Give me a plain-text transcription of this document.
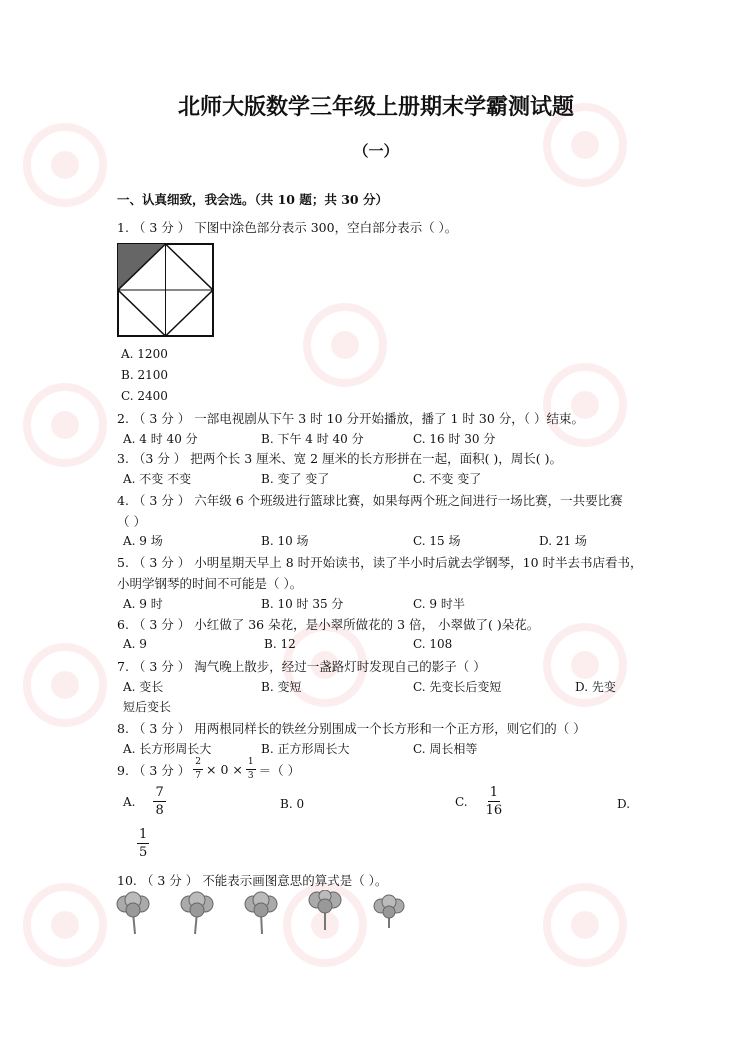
北师大版数学三年级上册期末学霸测试题
（一）
一、认真细致，我会选。（共 10 题；共 30 分）
1. （ 3 分 ） 下图中涂色部分表示 300，空白部分表示（ ）。
A. 1200
B. 2100
C. 2400
2. （ 3 分 ） 一部电视剧从下午 3 时 10 分开始播放，播了 1 时 30 分，（ ）结束。
A. 4 时 40 分	B. 下午 4 时 40 分	C. 16 时 30 分
3. （3 分 ） 把两个长 3 厘米、宽 2 厘米的长方形拼在一起，面积( )，周长( )。
A. 不变 不变	B. 变了 变了	C. 不变 变了
4. （ 3 分 ） 六年级 6 个班级进行篮球比赛，如果每两个班之间进行一场比赛，一共要比赛
（ ）
A. 9 场	B. 10 场	C. 15 场	D. 21 场
5. （ 3 分 ） 小明星期天早上 8 时开始读书，读了半小时后就去学钢琴，10 时半去书店看书，
小明学钢琴的时间不可能是（ ）。
A. 9 时	B. 10 时 35 分	C. 9 时半
6. （ 3 分 ） 小红做了 36 朵花，是小翠所做花的 3 倍， 小翠做了( )朵花。
A. 9	B. 12	C. 108
7. （ 3 分 ） 淘气晚上散步，经过一盏路灯时发现自己的影子（ ）
A. 变长	B. 变短	C. 先变长后变短	D. 先变
短后变长
8. （ 3 分 ） 用两根同样长的铁丝分别围成一个长方形和一个正方形，则它们的（ ）
A. 长方形周长大	B. 正方形周长大	C. 周长相等
9. （ 3 分 ） $\frac{2}{7} \times 0 \times \frac{1}{3}$ ＝（ ）
A. $\frac{7}{8}$	B. 0	C. $\frac{1}{16}$	D.
$\frac{1}{5}$
10. （ 3 分 ） 不能表示画图意思的算式是（ ）。
